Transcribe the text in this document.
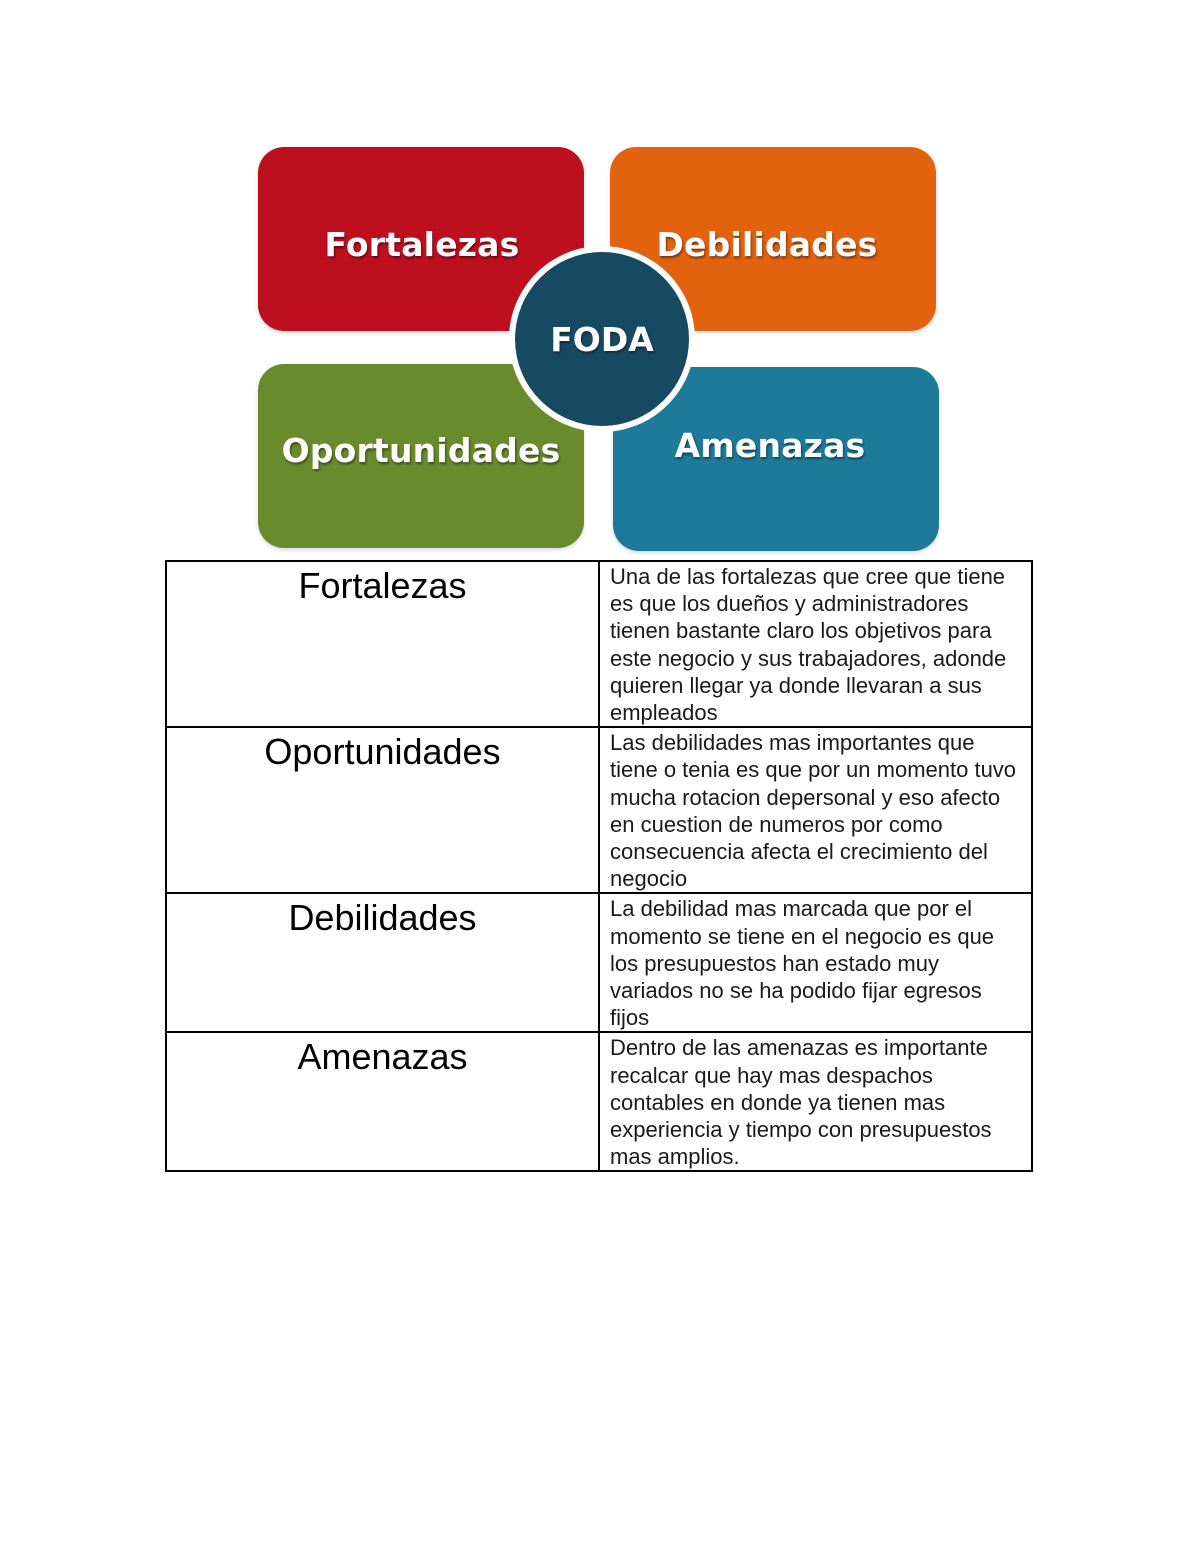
Fortalezas	Debilidades
Oportunidades	Amenazas
FODA
Fortalezas	Una de las fortalezas que cree que tiene es que los dueños y administradores tienen bastante claro los objetivos para este negocio y sus trabajadores, adonde quieren llegar ya donde llevaran a sus empleados
Oportunidades	Las debilidades mas importantes que tiene o tenia es que por un momento tuvo mucha rotacion depersonal y eso afecto en cuestion de numeros por como consecuencia afecta el crecimiento del negocio
Debilidades	La debilidad mas marcada que por el momento se tiene en el negocio es que los presupuestos han estado muy variados no se ha podido fijar egresos fijos
Amenazas	Dentro de las amenazas es importante recalcar que hay mas despachos contables en donde ya tienen mas experiencia y tiempo con presupuestos mas amplios.
